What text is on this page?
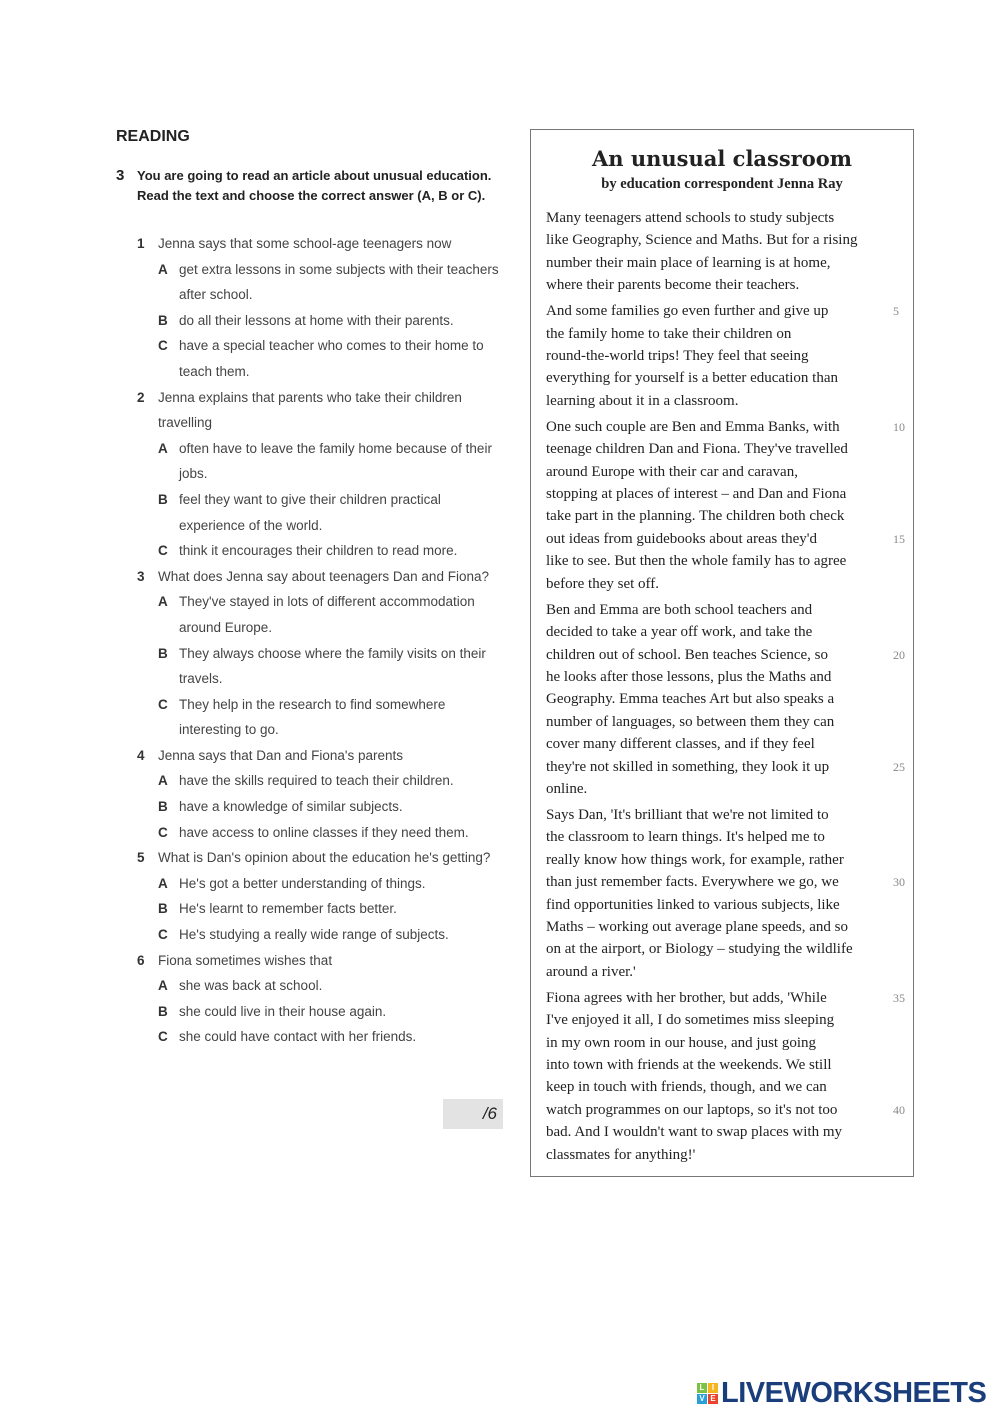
READING
3 You are going to read an article about unusual education. Read the text and choose the correct answer (A, B or C).
1 Jenna says that some school-age teenagers now
A get extra lessons in some subjects with their teachers after school.
B do all their lessons at home with their parents.
C have a special teacher who comes to their home to teach them.
2 Jenna explains that parents who take their children travelling
A often have to leave the family home because of their jobs.
B feel they want to give their children practical experience of the world.
C think it encourages their children to read more.
3 What does Jenna say about teenagers Dan and Fiona?
A They've stayed in lots of different accommodation around Europe.
B They always choose where the family visits on their travels.
C They help in the research to find somewhere interesting to go.
4 Jenna says that Dan and Fiona's parents
A have the skills required to teach their children.
B have a knowledge of similar subjects.
C have access to online classes if they need them.
5 What is Dan's opinion about the education he's getting?
A He's got a better understanding of things.
B He's learnt to remember facts better.
C He's studying a really wide range of subjects.
6 Fiona sometimes wishes that
A she was back at school.
B she could live in their house again.
C she could have contact with her friends.
/6
An unusual classroom
by education correspondent Jenna Ray
Many teenagers attend schools to study subjects
like Geography, Science and Maths. But for a rising
number their main place of learning is at home,
where their parents become their teachers.
And some families go even further and give up	5
the family home to take their children on
round-the-world trips! They feel that seeing
everything for yourself is a better education than
learning about it in a classroom.
One such couple are Ben and Emma Banks, with	10
teenage children Dan and Fiona. They've travelled
around Europe with their car and caravan,
stopping at places of interest – and Dan and Fiona
take part in the planning. The children both check
out ideas from guidebooks about areas they'd	15
like to see. But then the whole family has to agree
before they set off.
Ben and Emma are both school teachers and
decided to take a year off work, and take the
children out of school. Ben teaches Science, so	20
he looks after those lessons, plus the Maths and
Geography. Emma teaches Art but also speaks a
number of languages, so between them they can
cover many different classes, and if they feel
they're not skilled in something, they look it up	25
online.
Says Dan, 'It's brilliant that we're not limited to
the classroom to learn things. It's helped me to
really know how things work, for example, rather
than just remember facts. Everywhere we go, we	30
find opportunities linked to various subjects, like
Maths – working out average plane speeds, and so
on at the airport, or Biology – studying the wildlife
around a river.'
Fiona agrees with her brother, but adds, 'While	35
I've enjoyed it all, I do sometimes miss sleeping
in my own room in our house, and just going
into town with friends at the weekends. We still
keep in touch with friends, though, and we can
watch programmes on our laptops, so it's not too	40
bad. And I wouldn't want to swap places with my
classmates for anything!'
L I
V E LIVEWORKSHEETS
